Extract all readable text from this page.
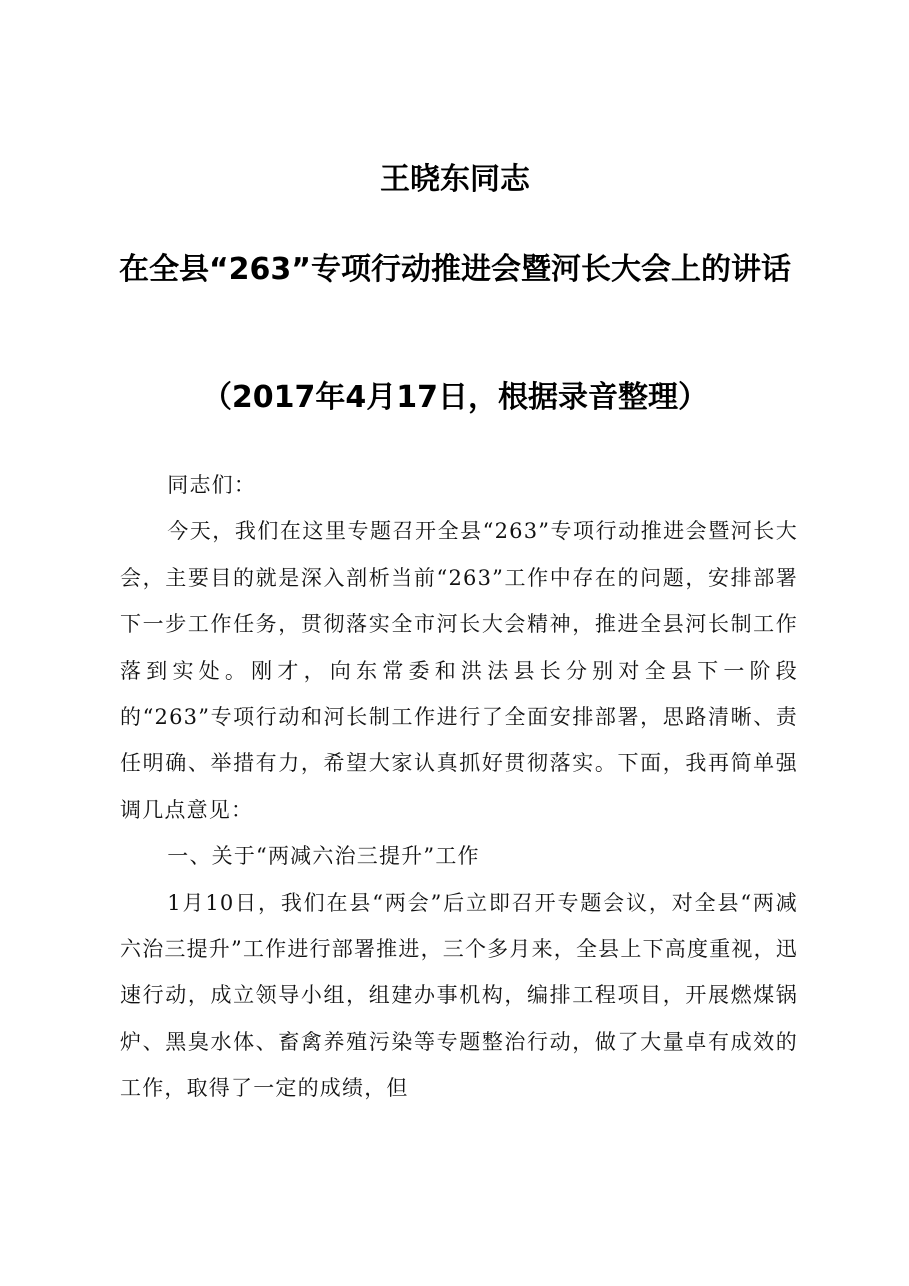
王晓东同志
在全县“263”专项行动推进会暨河长大会上的讲话
（2017年4月17日，根据录音整理）

同志们：

今天，我们在这里专题召开全县“263”专项行动推进会暨河长大会，主要目的就是深入剖析当前“263”工作中存在的问题，安排部署下一步工作任务，贯彻落实全市河长大会精神，推进全县河长制工作落到实处。刚才，向东常委和洪法县长分别对全县下一阶段的“263”专项行动和河长制工作进行了全面安排部署，思路清晰、责任明确、举措有力，希望大家认真抓好贯彻落实。下面，我再简单强调几点意见：

一、关于“两减六治三提升”工作

1月10日，我们在县“两会”后立即召开专题会议，对全县“两减六治三提升”工作进行部署推进，三个多月来，全县上下高度重视，迅速行动，成立领导小组，组建办事机构，编排工程项目，开展燃煤锅炉、黑臭水体、畜禽养殖污染等专题整治行动，做了大量卓有成效的工作，取得了一定的成绩，但
